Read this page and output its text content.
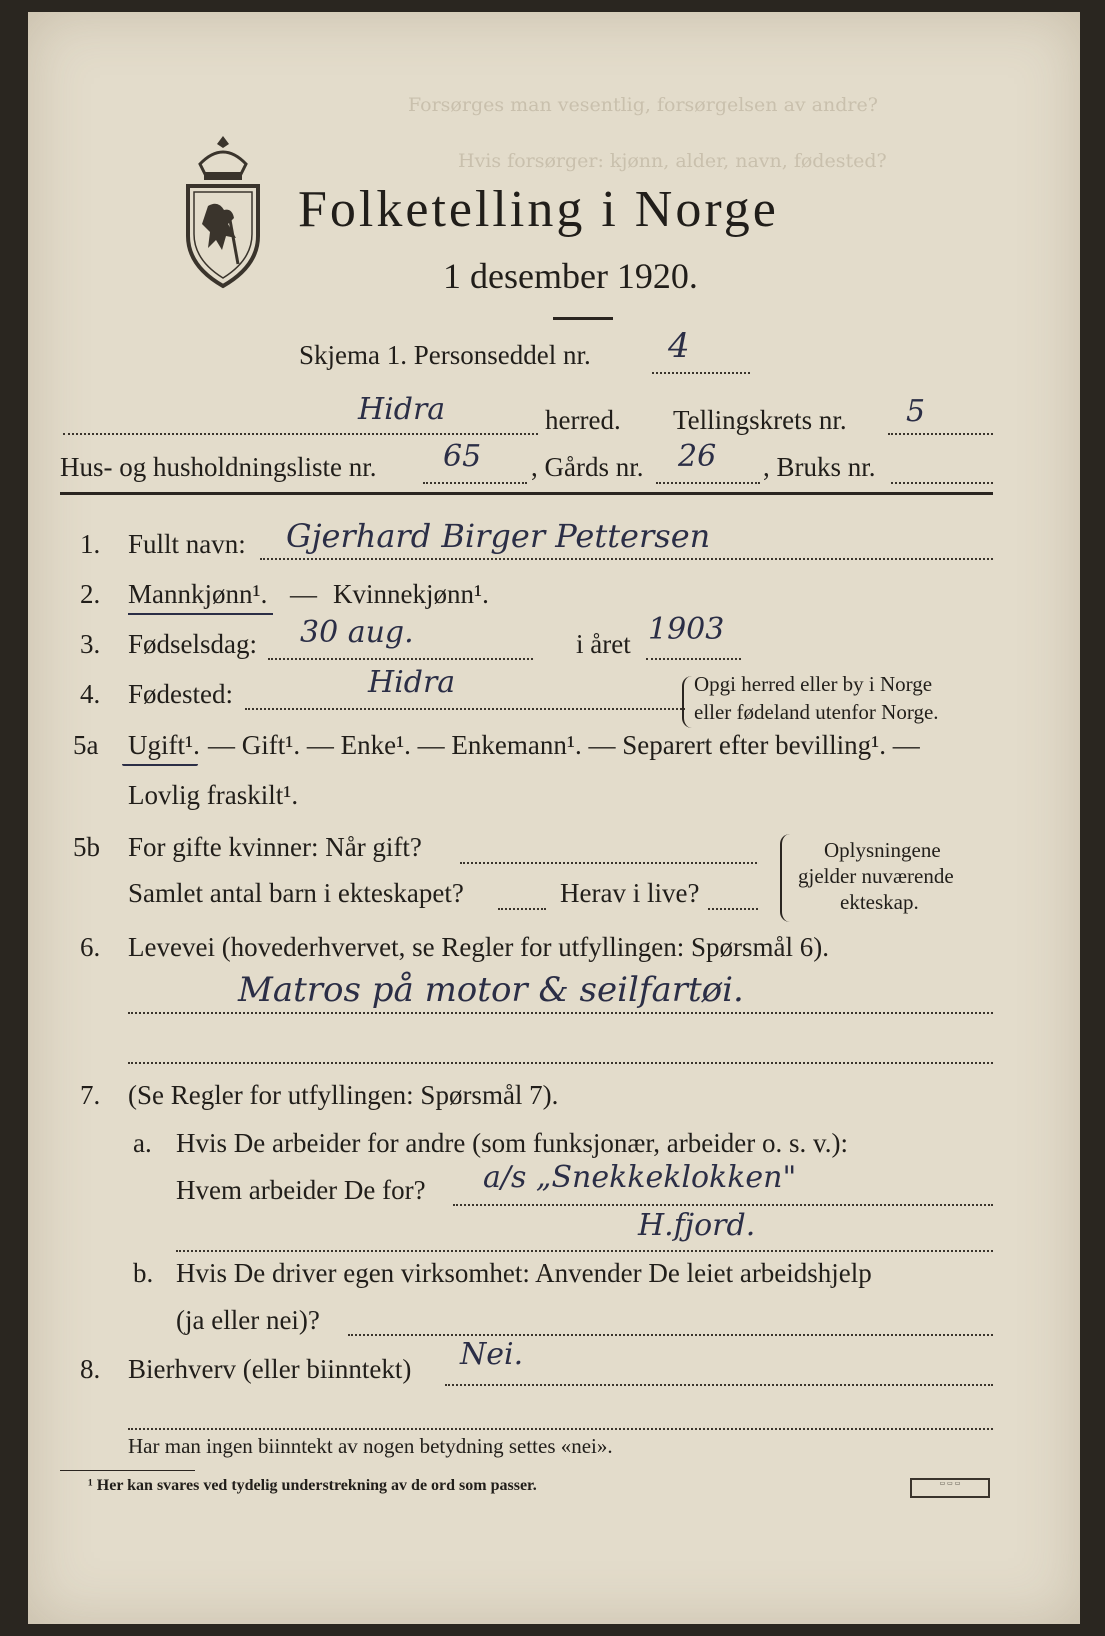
Forsørges man vesentlig, forsørgelsen av andre?
Hvis forsørger: kjønn, alder, navn, fødested?
Folketelling i Norge
1 desember 1920.
Skjema 1. Personseddel nr. 4
Hidra	herred. Tellingskrets nr. 5
Hus- og husholdningsliste nr. 65 , Gårds nr. 26 , Bruks nr.
1. Fullt navn: Gjerhard Birger Pettersen
2. Mannkjønn¹. — Kvinnekjønn¹.
3. Fødselsdag: 30 aug.	i året 1903
4. Fødested:	Hidra	Opgi herred eller by i Norge
eller fødeland utenfor Norge.
5a Ugift¹. — Gift¹. — Enke¹. — Enkemann¹. — Separert efter bevilling¹. —
Lovlig fraskilt¹.
5b For gifte kvinner: Når gift?
Samlet antal barn i ekteskapet?	Herav i live?
Oplysningene
gjelder nuværende
ekteskap.
6. Levevei (hovederhvervet, se Regler for utfyllingen: Spørsmål 6).
Matros på motor & seilfartøi.
7. (Se Regler for utfyllingen: Spørsmål 7).
a. Hvis De arbeider for andre (som funksjonær, arbeider o. s. v.):
Hvem arbeider De for? a/s „Snekkeklokken"
H.fjord.
b. Hvis De driver egen virksomhet: Anvender De leiet arbeidshjelp
(ja eller nei)?
8. Bierhverv (eller biinntekt) Nei.
Har man ingen biinntekt av nogen betydning settes «nei».
¹ Her kan svares ved tydelig understrekning av de ord som passer.	▭ ▭ ▭
